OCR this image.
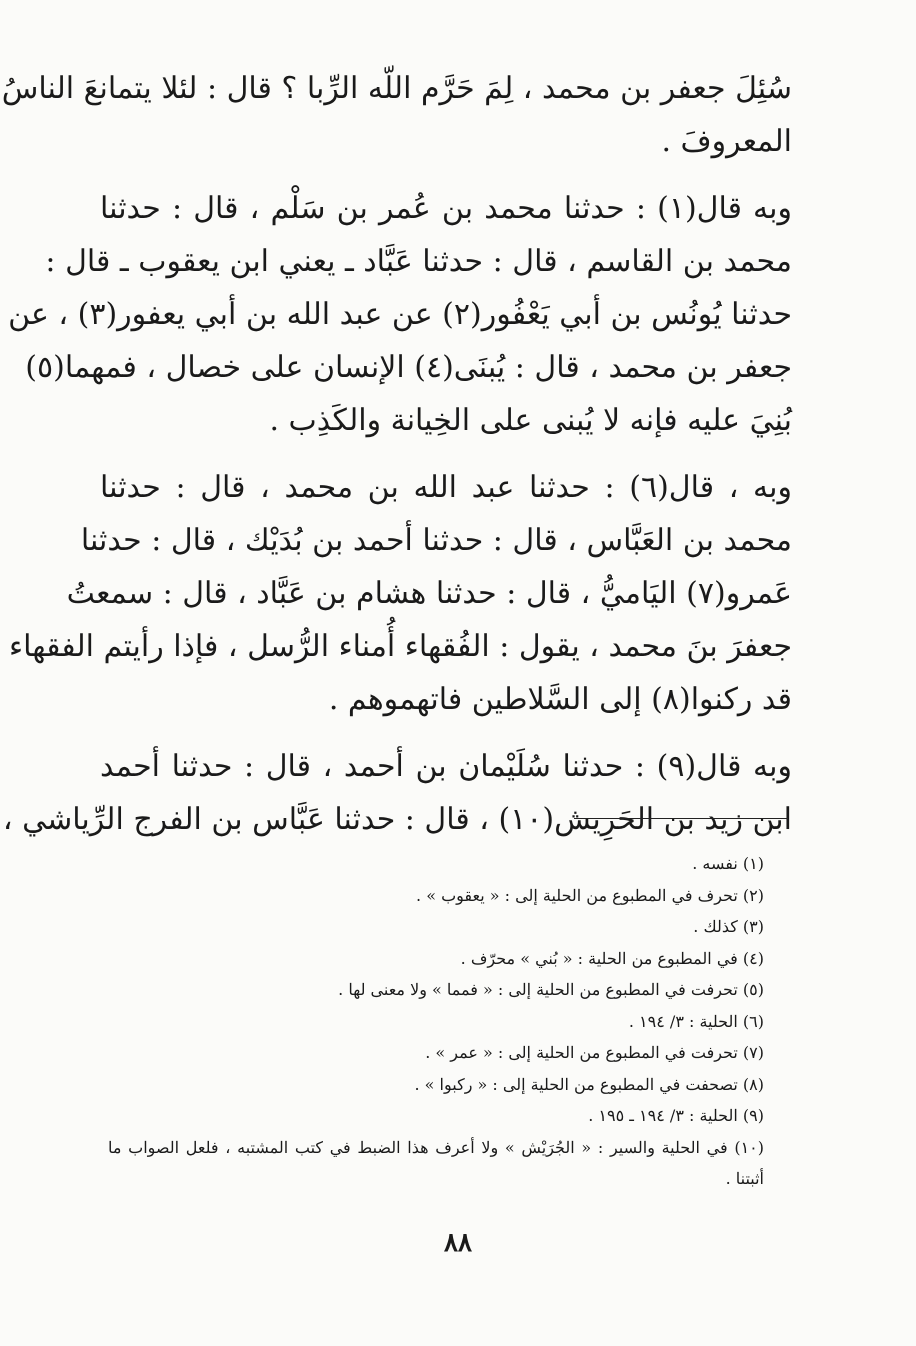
سُئِلَ جعفر بن محمد ، لِمَ حَرَّم اللّه الرِّبا ؟ قال : لئلا يتمانعَ الناسُ
المعروفَ .
وبه قال(١) : حدثنا محمد بن عُمر بن سَلْم ، قال : حدثنا
محمد بن القاسم ، قال : حدثنا عَبَّاد ـ يعني ابن يعقوب ـ قال :
حدثنا يُونُس بن أبي يَعْفُور(٢) عن عبد الله بن أبي يعفور(٣) ، عن
جعفر بن محمد ، قال : يُبنَى(٤) الإنسان على خصال ، فمهما(٥)
بُنِيَ عليه فإنه لا يُبنى على الخِيانة والكَذِب .
وبه ، قال(٦) : حدثنا عبد الله بن محمد ، قال : حدثنا
محمد بن العَبَّاس ، قال : حدثنا أحمد بن بُدَيْك ، قال : حدثنا
عَمرو(٧) اليَاميُّ ، قال : حدثنا هشام بن عَبَّاد ، قال : سمعتُ
جعفرَ بنَ محمد ، يقول : الفُقهاء أُمناء الرُّسل ، فإذا رأيتم الفقهاء
قد ركنوا(٨) إلى السَّلاطين فاتهموهم .
وبه قال(٩) : حدثنا سُلَيْمان بن أحمد ، قال : حدثنا أحمد
ابن زيد بن الحَرِيش(١٠) ، قال : حدثنا عَبَّاس بن الفرج الرِّياشي ،
(١) نفسه .
(٢) تحرف في المطبوع من الحلية إلى : « يعقوب » .
(٣) كذلك .
(٤) في المطبوع من الحلية : « بُني » محرّف .
(٥) تحرفت في المطبوع من الحلية إلى : « فمما » ولا معنى لها .
(٦) الحلية : ٣/ ١٩٤ .
(٧) تحرفت في المطبوع من الحلية إلى : « عمر » .
(٨) تصحفت في المطبوع من الحلية إلى : « ركبوا » .
(٩) الحلية : ٣/ ١٩٤ ـ ١٩٥ .
(١٠) في الحلية والسير : « الجُرَيْش » ولا أعرف هذا الضبط في كتب المشتبه ، فلعل الصواب ما
أثبتنا .
٨٨
